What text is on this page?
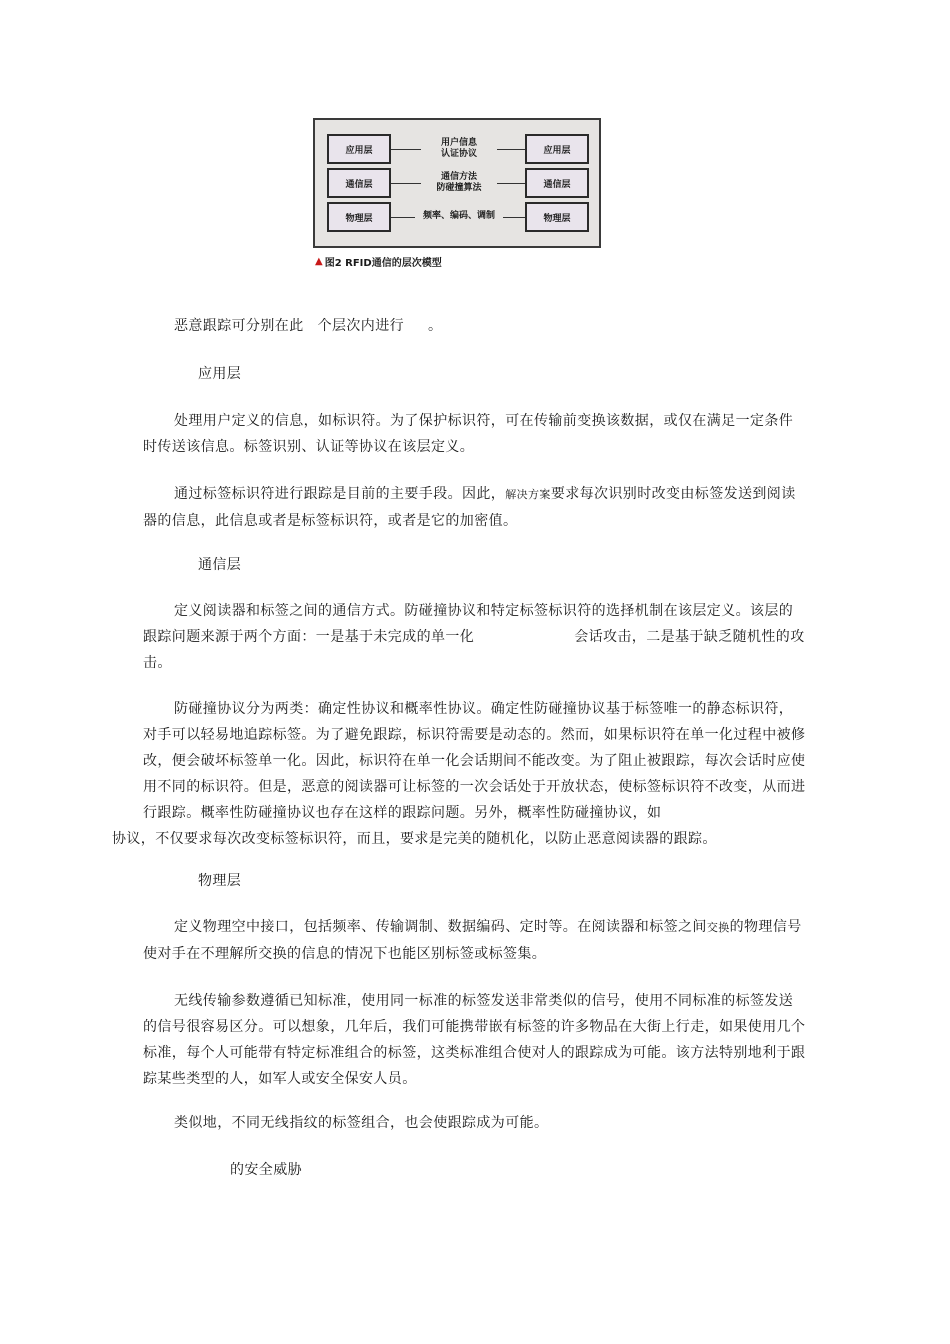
应用层
通信层
物理层
应用层
通信层
物理层
用户信息
认证协议
通信方法
防碰撞算法
频率、编码、调制
▲ 图2 RFID通信的层次模型

恶意跟踪可分别在此 个层次内进行 。

应用层

处理用户定义的信息，如标识符。为了保护标识符，可在传输前变换该数据，或仅在满足一定条件时传送该信息。标签识别、认证等协议在该层定义。

通过标签标识符进行跟踪是目前的主要手段。因此，解决方案要求每次识别时改变由标签发送到阅读器的信息，此信息或者是标签标识符，或者是它的加密值。

通信层

定义阅读器和标签之间的通信方式。防碰撞协议和特定标签标识符的选择机制在该层定义。该层的跟踪问题来源于两个方面：一是基于未完成的单一化	会话攻击，二是基于缺乏随机性的攻击。

防碰撞协议分为两类：确定性协议和概率性协议。确定性防碰撞协议基于标签唯一的静态标识符，对手可以轻易地追踪标签。为了避免跟踪，标识符需要是动态的。然而，如果标识符在单一化过程中被修改，便会破坏标签单一化。因此，标识符在单一化会话期间不能改变。为了阻止被跟踪，每次会话时应使用不同的标识符。但是，恶意的阅读器可让标签的一次会话处于开放状态，使标签标识符不改变，从而进行跟踪。概率性防碰撞协议也存在这样的跟踪问题。另外，概率性防碰撞协议，如
协议，不仅要求每次改变标签标识符，而且，要求是完美的随机化，以防止恶意阅读器的跟踪。

物理层

定义物理空中接口，包括频率、传输调制、数据编码、定时等。在阅读器和标签之间交换的物理信号使对手在不理解所交换的信息的情况下也能区别标签或标签集。

无线传输参数遵循已知标准，使用同一标准的标签发送非常类似的信号，使用不同标准的标签发送的信号很容易区分。可以想象，几年后，我们可能携带嵌有标签的许多物品在大街上行走，如果使用几个标准，每个人可能带有特定标准组合的标签，这类标准组合使对人的跟踪成为可能。该方法特别地利于跟踪某些类型的人，如军人或安全保安人员。

类似地，不同无线指纹的标签组合，也会使跟踪成为可能。

的安全威胁
